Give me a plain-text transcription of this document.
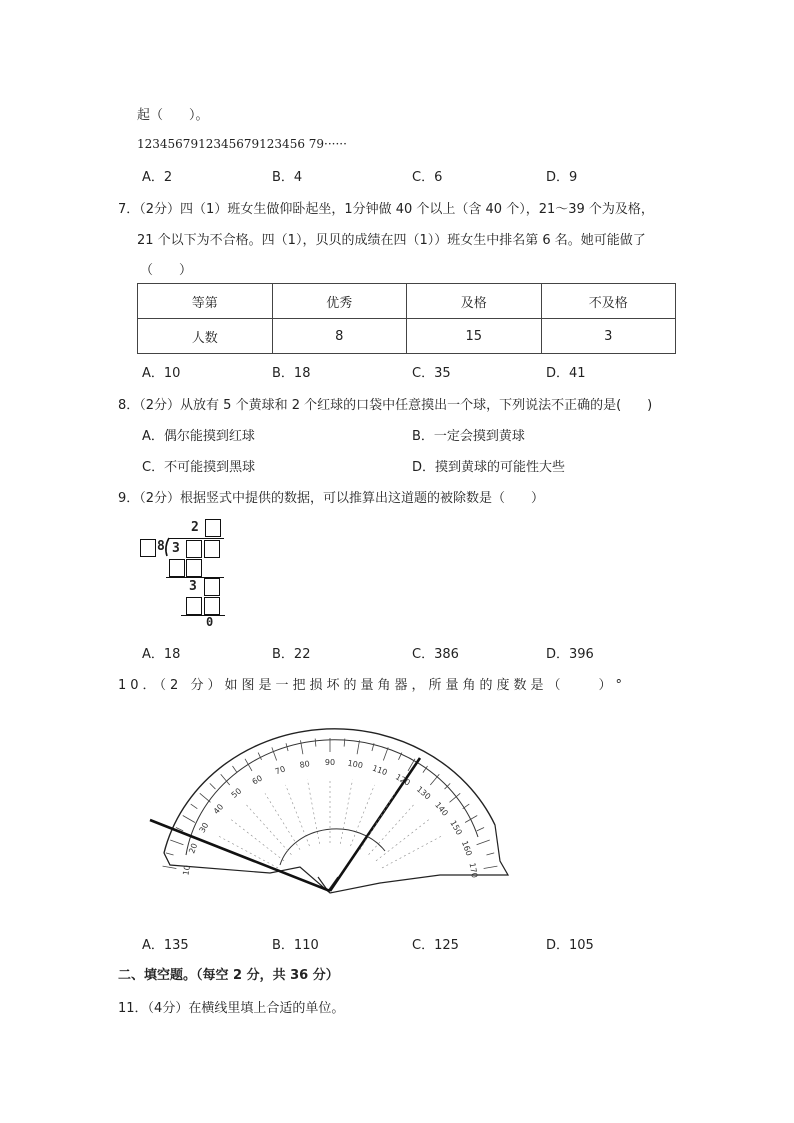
起（　　）。
1234567912345679123456 79······
A．2	B．4	C．6	D．9
7．（2分）四（1）班女生做仰卧起坐，1分钟做 40 个以上（含 40 个），21～39 个为及格，
21 个以下为不合格。四（1），贝贝的成绩在四（1））班女生中排名第 6 名。她可能做了
（　　）
等第	优秀	及格	不及格
人数	8	15	3
A．10	B．18	C．35	D．41
8．（2分）从放有 5 个黄球和 2 个红球的口袋中任意摸出一个球，下列说法不正确的是(　　)
A．偶尔能摸到红球	B．一定会摸到黄球
C．不可能摸到黑球	D．摸到黄球的可能性大些
9．（2分）根据竖式中提供的数据，可以推算出这道题的被除数是（　　）
2
8 3
3
0
A．18	B．22	C．386	D．396
10．（2 分）如图是一把损坏的量角器，所量角的度数是（　　）°
10
20
30
40
50
60
70 80 90 100 110
120
130
140
150
160
170
A．135	B．110	C．125	D．105
二、填空题。（每空 2 分，共 36 分）
11．（4分）在横线里填上合适的单位。
